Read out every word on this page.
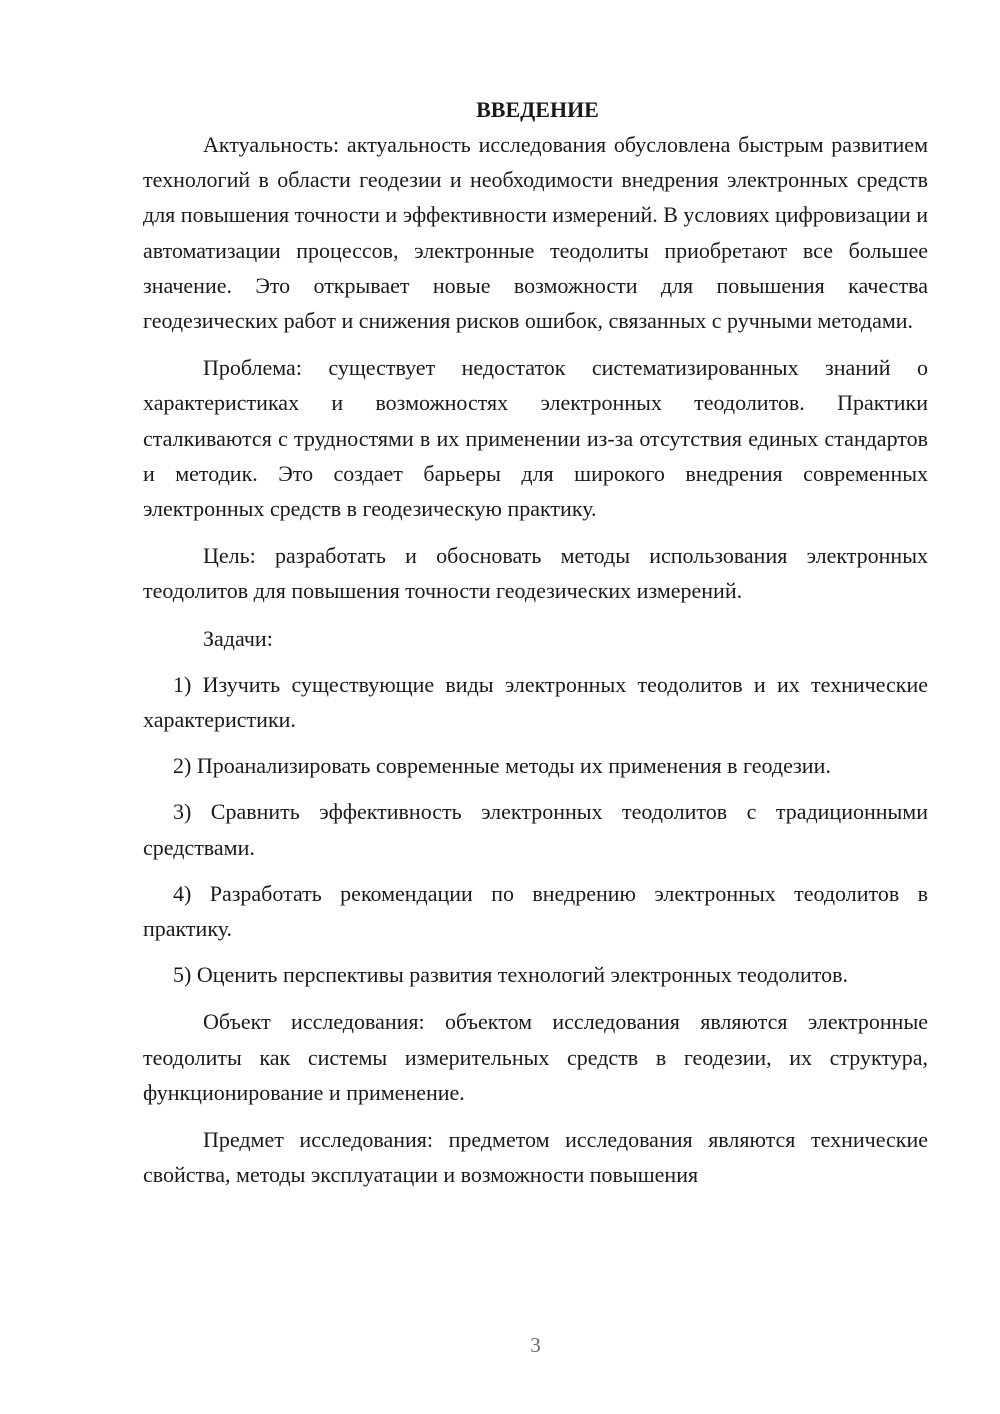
ВВЕДЕНИЕ

Актуальность: актуальность исследования обусловлена быстрым развитием технологий в области геодезии и необходимости внедрения электронных средств для повышения точности и эффективности измерений. В условиях цифровизации и автоматизации процессов, электронные теодолиты приобретают все большее значение. Это открывает новые возможности для повышения качества геодезических работ и снижения рисков ошибок, связанных с ручными методами.

Проблема: существует недостаток систематизированных знаний о характеристиках и возможностях электронных теодолитов. Практики сталкиваются с трудностями в их применении из-за отсутствия единых стандартов и методик. Это создает барьеры для широкого внедрения современных электронных средств в геодезическую практику.

Цель: разработать и обосновать методы использования электронных теодолитов для повышения точности геодезических измерений.

Задачи:

1) Изучить существующие виды электронных теодолитов и их технические характеристики.

2) Проанализировать современные методы их применения в геодезии.

3) Сравнить эффективность электронных теодолитов с традиционными средствами.

4) Разработать рекомендации по внедрению электронных теодолитов в практику.

5) Оценить перспективы развития технологий электронных теодолитов.

Объект исследования: объектом исследования являются электронные теодолиты как системы измерительных средств в геодезии, их структура, функционирование и применение.

Предмет исследования: предметом исследования являются технические свойства, методы эксплуатации и возможности повышения

3
